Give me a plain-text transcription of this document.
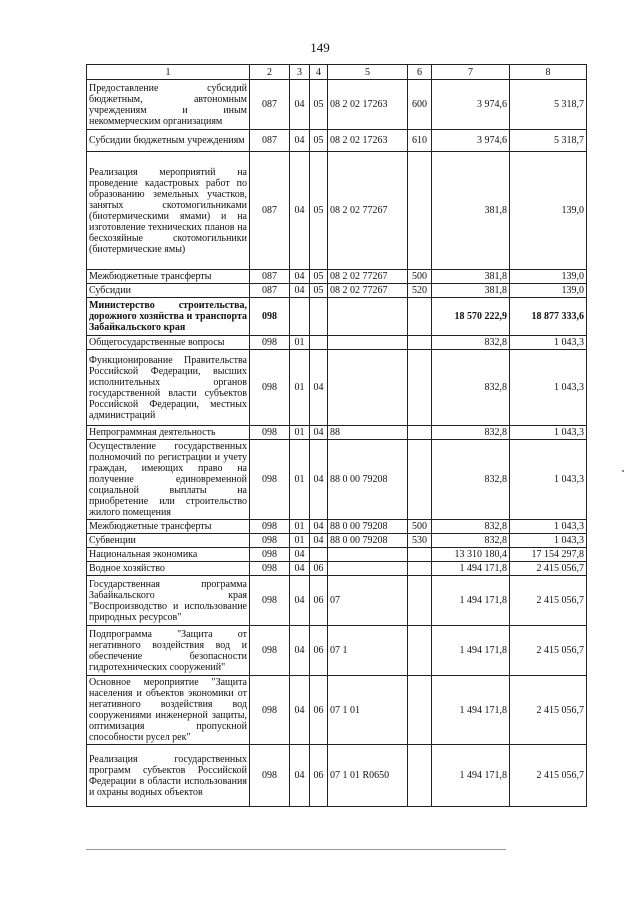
149
1	2	3	4	5	6	7	8
Предоставление субсидий бюджетным, автономным учреждениям и иным некоммерческим организациям	087	04	05	08 2 02 17263	600	3 974,6	5 318,7
Субсидии бюджетным учреждениям	087	04	05	08 2 02 17263	610	3 974,6	5 318,7
Реализация мероприятий на проведение кадастровых работ по образованию земельных участков, занятых скотомогильниками (биотермическими ямами) и на изготовление технических планов на бесхозяйные скотомогильники (биотермические ямы)	087	04	05	08 2 02 77267		381,8	139,0
Межбюджетные трансферты	087	04	05	08 2 02 77267	500	381,8	139,0
Субсидии	087	04	05	08 2 02 77267	520	381,8	139,0
Министерство строительства, дорожного хозяйства и транспорта Забайкальского края	098					18 570 222,9	18 877 333,6
Общегосударственные вопросы	098	01				832,8	1 043,3
Функционирование Правительства Российской Федерации, высших исполнительных органов государственной власти субъектов Российской Федерации, местных администраций	098	01	04			832,8	1 043,3
Непрограммная деятельность	098	01	04	88		832,8	1 043,3
Осуществление государственных полномочий по регистрации и учету граждан, имеющих право на получение единовременной социальной выплаты на приобретение или строительство жилого помещения	098	01	04	88 0 00 79208		832,8	1 043,3
Межбюджетные трансферты	098	01	04	88 0 00 79208	500	832,8	1 043,3
Субвенции	098	01	04	88 0 00 79208	530	832,8	1 043,3
Национальная экономика	098	04				13 310 180,4	17 154 297,8
Водное хозяйство	098	04	06			1 494 171,8	2 415 056,7
Государственная программа Забайкальского края "Воспроизводство и использование природных ресурсов"	098	04	06	07		1 494 171,8	2 415 056,7
Подпрограмма "Защита от негативного воздействия вод и обеспечение безопасности гидротехнических сооружений"	098	04	06	07 1		1 494 171,8	2 415 056,7
Основное мероприятие "Защита населения и объектов экономики от негативного воздействия вод сооружениями инженерной защиты, оптимизация пропускной способности русел рек"	098	04	06	07 1 01		1 494 171,8	2 415 056,7
Реализация государственных программ субъектов Российской Федерации в области использования и охраны водных объектов	098	04	06	07 1 01 R0650		1 494 171,8	2 415 056,7
